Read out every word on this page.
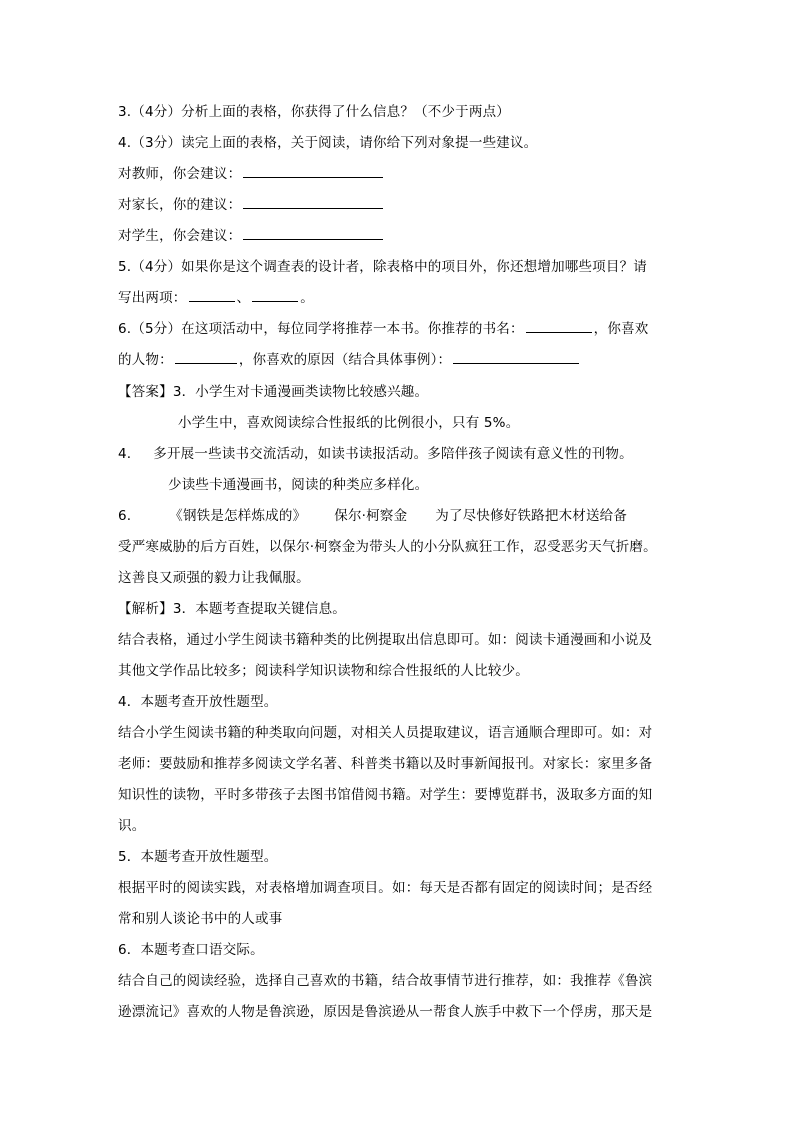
3.（4分）分析上面的表格，你获得了什么信息？（不少于两点）
4.（3分）读完上面的表格，关于阅读，请你给下列对象提一些建议。
对教师，你会建议：
对家长，你的建议：
对学生，你会建议：
5.（4分）如果你是这个调查表的设计者，除表格中的项目外，你还想增加哪些项目？请
写出两项：	、	。
6.（5分）在这项活动中，每位同学将推荐一本书。你推荐的书名：	，你喜欢
的人物：	，你喜欢的原因（结合具体事例）：
【答案】3．小学生对卡通漫画类读物比较感兴趣。
小学生中，喜欢阅读综合性报纸的比例很小，只有 5%。
4. 多开展一些读书交流活动，如读书读报活动。多陪伴孩子阅读有意义性的刊物。
少读些卡通漫画书，阅读的种类应多样化。
6.	《钢铁是怎样炼成的》 保尔·柯察金 为了尽快修好铁路把木材送给备
受严寒威胁的后方百姓，以保尔·柯察金为带头人的小分队疯狂工作，忍受恶劣天气折磨。
这善良又顽强的毅力让我佩服。
【解析】3．本题考查提取关键信息。
结合表格，通过小学生阅读书籍种类的比例提取出信息即可。如：阅读卡通漫画和小说及
其他文学作品比较多；阅读科学知识读物和综合性报纸的人比较少。
4．本题考查开放性题型。
结合小学生阅读书籍的种类取向问题，对相关人员提取建议，语言通顺合理即可。如：对
老师：要鼓励和推荐多阅读文学名著、科普类书籍以及时事新闻报刊。对家长：家里多备
知识性的读物，平时多带孩子去图书馆借阅书籍。对学生：要博览群书，汲取多方面的知
识。
5．本题考查开放性题型。
根据平时的阅读实践，对表格增加调查项目。如：每天是否都有固定的阅读时间；是否经
常和别人谈论书中的人或事
6．本题考查口语交际。
结合自己的阅读经验，选择自己喜欢的书籍，结合故事情节进行推荐，如：我推荐《鲁滨
逊漂流记》喜欢的人物是鲁滨逊，原因是鲁滨逊从一帮食人族手中救下一个俘虏，那天是
